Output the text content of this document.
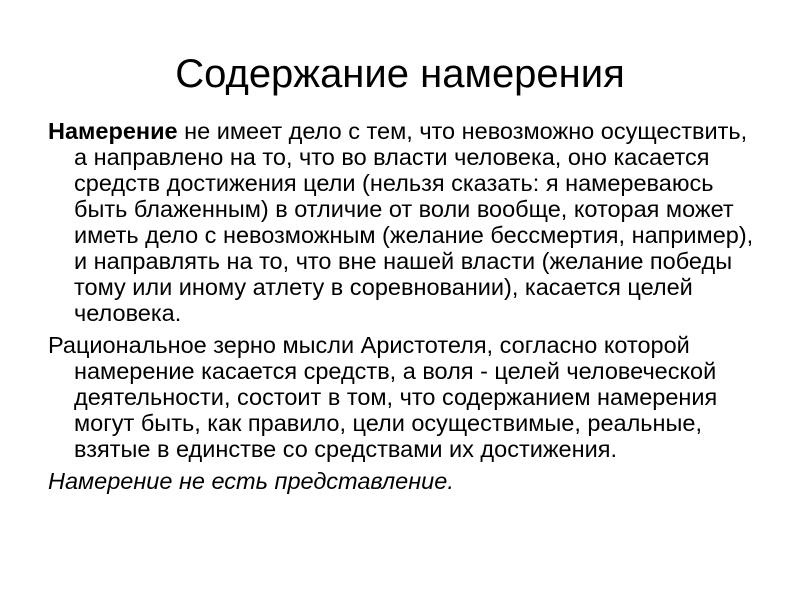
Содержание намерения

Намерение не имеет дело с тем, что невозможно осуществить, а направлено на то, что во власти человека, оно касается средств достижения цели (нельзя сказать: я намереваюсь быть блаженным) в отличие от воли вообще, которая может иметь дело с невозможным (желание бессмертия, например), и направлять на то, что вне нашей власти (желание победы тому или иному атлету в соревновании), касается целей человека.

Рациональное зерно мысли Аристотеля, согласно которой намерение касается средств, а воля - целей человеческой деятельности, состоит в том, что содержанием намерения могут быть, как правило, цели осуществимые, реальные, взятые в единстве со средствами их достижения.

Намерение не есть представление.
